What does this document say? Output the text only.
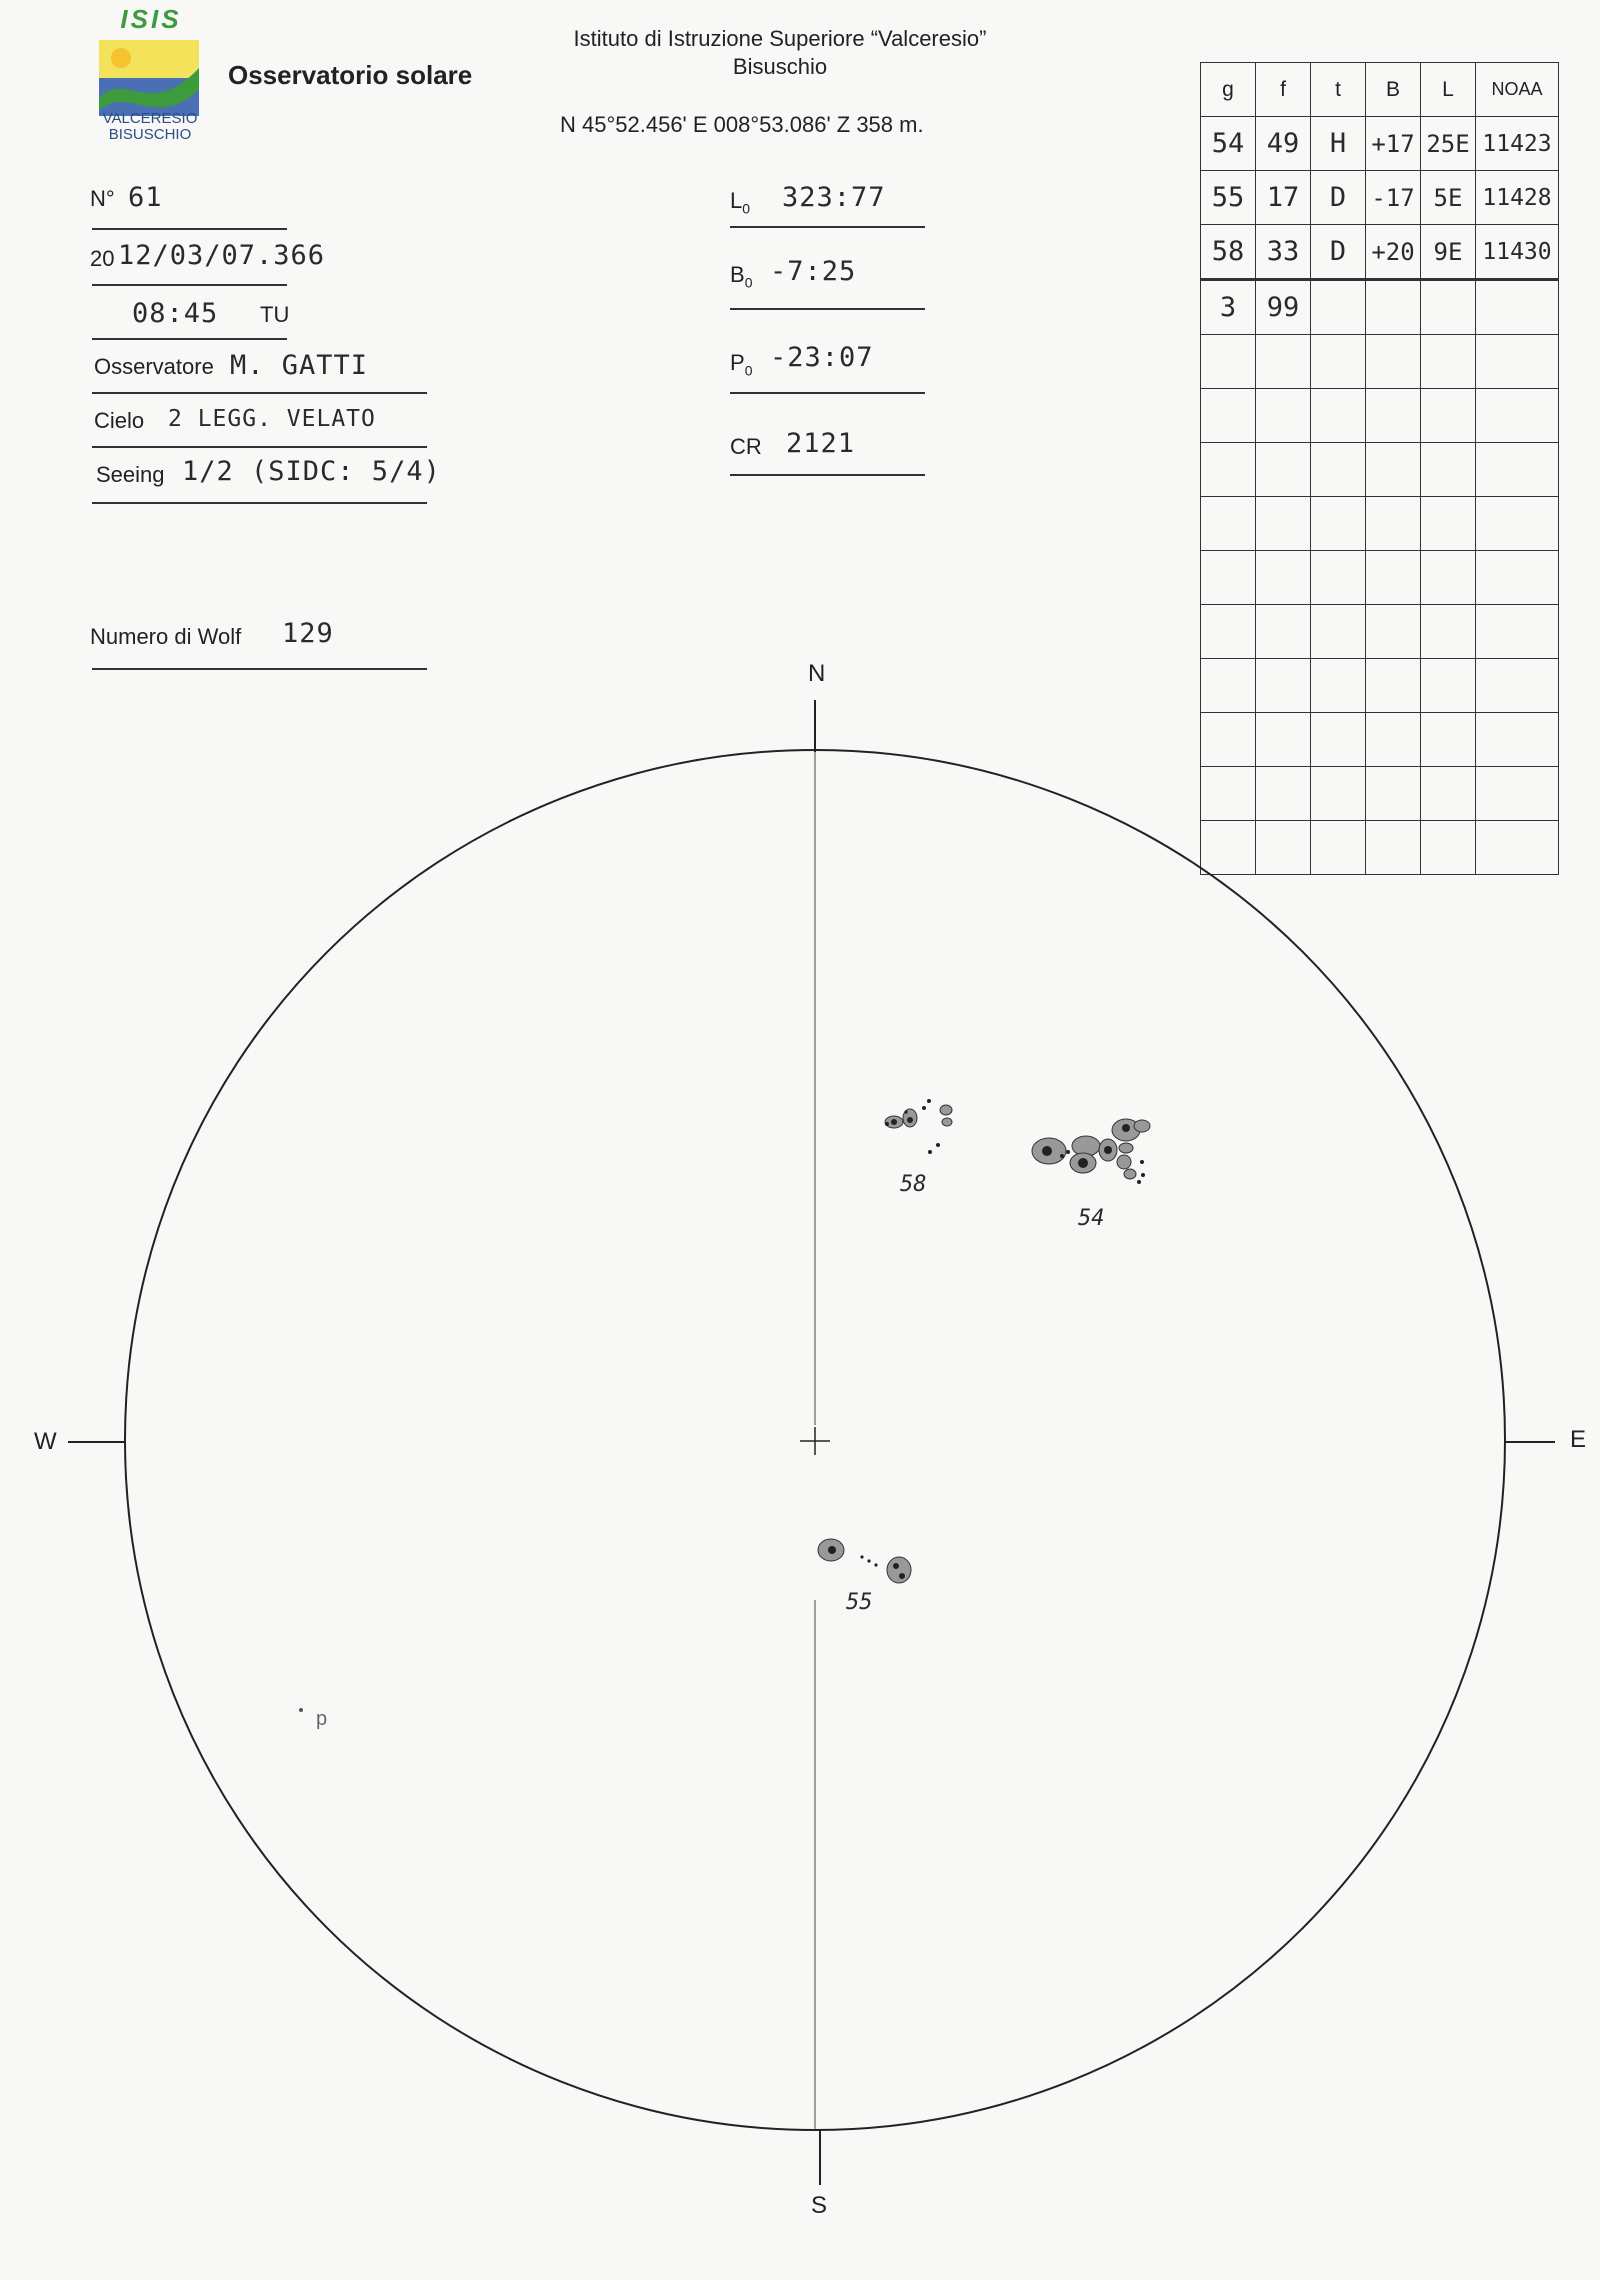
ISIS
VALCERESIO
BISUSCHIO
Osservatorio solare
Istituto di Istruzione Superiore “Valceresio”
Bisuschio
N 45°52.456' E 008°53.086' Z 358 m.
N° 61
20 12/03/07.366
08:45 TU
Osservatore M. GATTI
Cielo 2 LEGG. VELATO
Seeing 1/2 (SIDC: 5/4)
Numero di Wolf 129
$L_0$ 323:77
$B_0$ -7:25
$P_0$ -23:07
CR 2121
g	f	t	B	L	NOAA
54	49	H	+17	25E	11423
55	17	D	-17	5E	11428
58	33	D	+20	9E	11430
3	99				

N
S
W	E
58
54
55
p
